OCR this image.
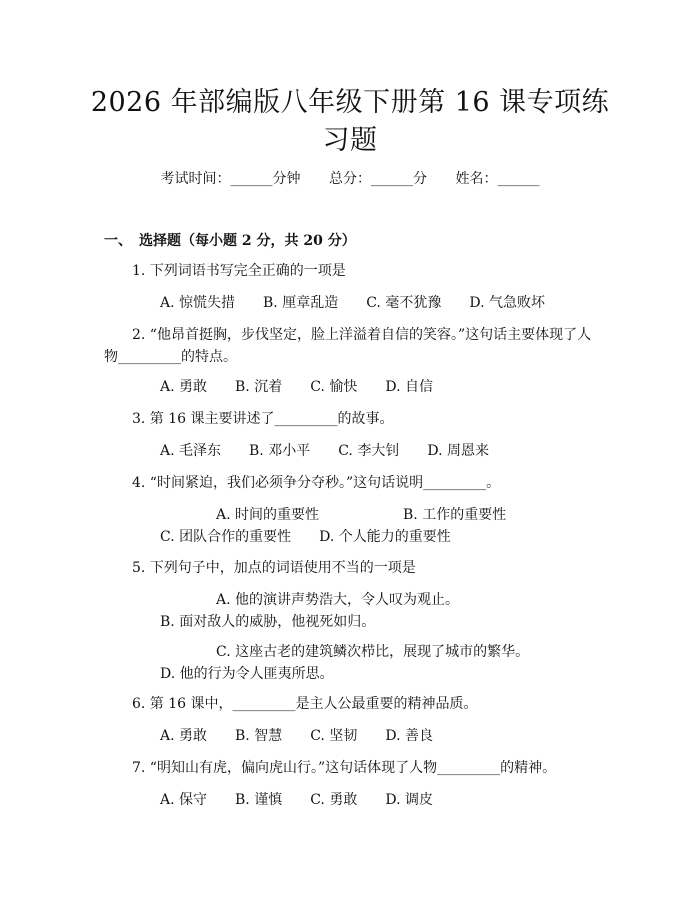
2026 年部编版八年级下册第 16 课专项练习题
考试时间：______分钟 总分：______分 姓名：______
一、　选择题（每小题 2 分，共 20 分）
1. 下列词语书写完全正确的一项是
A. 惊慌失措 B. 厘章乱造 C. 毫不犹豫 D. 气急败坏
2. “他昂首挺胸，步伐坚定，脸上洋溢着自信的笑容。”这句话主要体现了人物_________的特点。
A. 勇敢 B. 沉着 C. 愉快 D. 自信
3. 第 16 课主要讲述了_________的故事。
A. 毛泽东 B. 邓小平 C. 李大钊 D. 周恩来
4. “时间紧迫，我们必须争分夺秒。”这句话说明_________。
A. 时间的重要性	B. 工作的重要性C. 团队合作的重要性 D. 个人能力的重要性
5. 下列句子中，加点的词语使用不当的一项是
A. 他的演讲声势浩大，令人叹为观止。B. 面对敌人的威胁，他视死如归。
C. 这座古老的建筑鳞次栉比，展现了城市的繁华。D. 他的行为令人匪夷所思。
6. 第 16 课中，_________是主人公最重要的精神品质。
A. 勇敢 B. 智慧 C. 坚韧 D. 善良
7. “明知山有虎，偏向虎山行。”这句话体现了人物_________的精神。
A. 保守 B. 谨慎 C. 勇敢 D. 调皮
